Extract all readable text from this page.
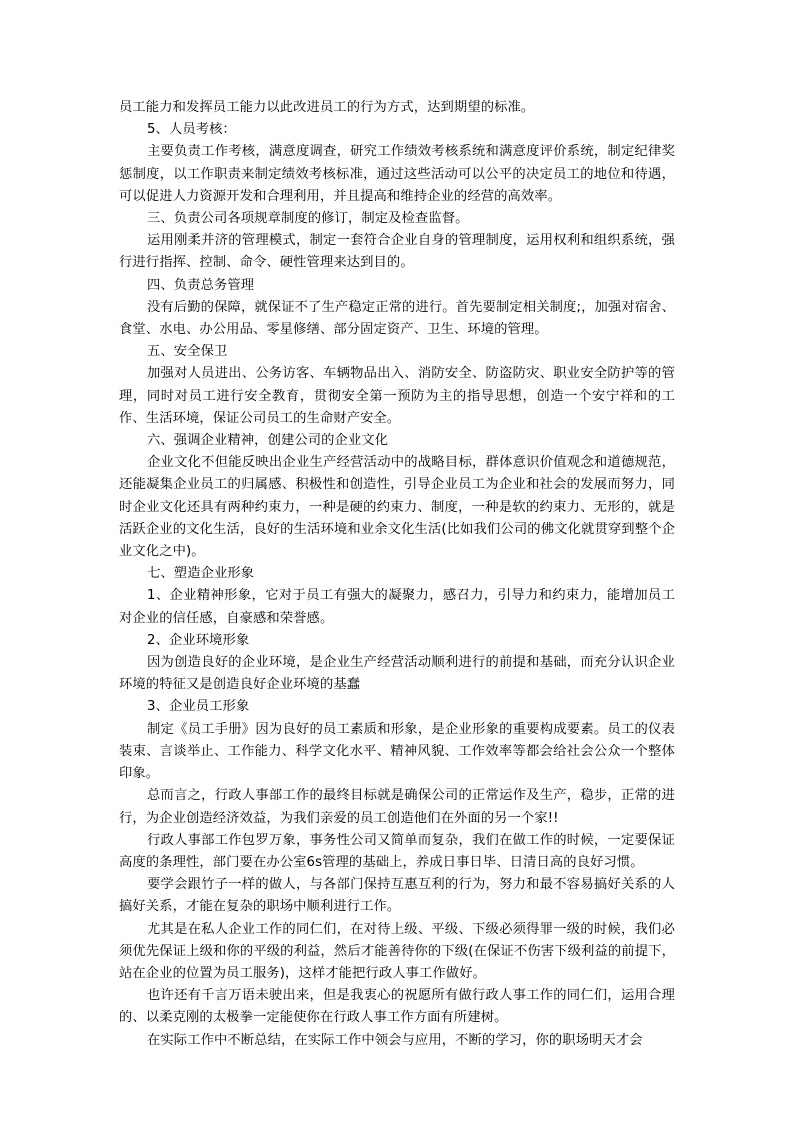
员工能力和发挥员工能力以此改进员工的行为方式，达到期望的标准。

5、人员考核：

主要负责工作考核，满意度调查，研究工作绩效考核系统和满意度评价系统，制定纪律奖惩制度，以工作职责来制定绩效考核标准，通过这些活动可以公平的决定员工的地位和待遇，可以促进人力资源开发和合理利用，并且提高和维持企业的经营的高效率。

三、负责公司各项规章制度的修订，制定及检查监督。

运用刚柔并济的管理模式，制定一套符合企业自身的管理制度，运用权利和组织系统，强行进行指挥、控制、命令、硬性管理来达到目的。

四、负责总务管理

没有后勤的保障，就保证不了生产稳定正常的进行。首先要制定相关制度;，加强对宿舍、食堂、水电、办公用品、零星修缮、部分固定资产、卫生、环境的管理。

五、安全保卫

加强对人员进出、公务访客、车辆物品出入、消防安全、防盗防灾、职业安全防护等的管理，同时对员工进行安全教育，贯彻安全第一预防为主的指导思想，创造一个安宁祥和的工作、生活环境，保证公司员工的生命财产安全。

六、强调企业精神，创建公司的企业文化

企业文化不但能反映出企业生产经营活动中的战略目标，群体意识价值观念和道德规范，还能凝集企业员工的归属感、积极性和创造性，引导企业员工为企业和社会的发展而努力，同时企业文化还具有两种约束力，一种是硬的约束力、制度，一种是软的约束力、无形的，就是活跃企业的文化生活，良好的生活环境和业余文化生活(比如我们公司的佛文化就贯穿到整个企业文化之中)。

七、塑造企业形象

1、企业精神形象，它对于员工有强大的凝聚力，感召力，引导力和约束力，能增加员工对企业的信任感，自豪感和荣誉感。

2、企业环境形象

因为创造良好的企业环境，是企业生产经营活动顺利进行的前提和基础，而充分认识企业环境的特征又是创造良好企业环境的基蠢

3、企业员工形象

制定《员工手册》因为良好的员工素质和形象，是企业形象的重要构成要素。员工的仪表装束、言谈举止、工作能力、科学文化水平、精神风貌、工作效率等都会给社会公众一个整体印象。

总而言之，行政人事部工作的最终目标就是确保公司的正常运作及生产，稳步，正常的进行，为企业创造经济效益，为我们亲爱的员工创造他们在外面的另一个家!!

行政人事部工作包罗万象，事务性公司又简单而复杂，我们在做工作的时候，一定要保证高度的条理性，部门要在办公室6s管理的基础上，养成日事日毕、日清日高的良好习惯。

要学会跟竹子一样的做人，与各部门保持互惠互利的行为，努力和最不容易搞好关系的人搞好关系，才能在复杂的职场中顺利进行工作。

尤其是在私人企业工作的同仁们，在对待上级、平级、下级必须得罪一级的时候，我们必须优先保证上级和你的平级的利益，然后才能善待你的下级(在保证不伤害下级利益的前提下，站在企业的位置为员工服务)，这样才能把行政人事工作做好。

也许还有千言万语未驶出来，但是我衷心的祝愿所有做行政人事工作的同仁们，运用合理的、以柔克刚的太极拳一定能使你在行政人事工作方面有所建树。

在实际工作中不断总结，在实际工作中领会与应用，不断的学习，你的职场明天才会
